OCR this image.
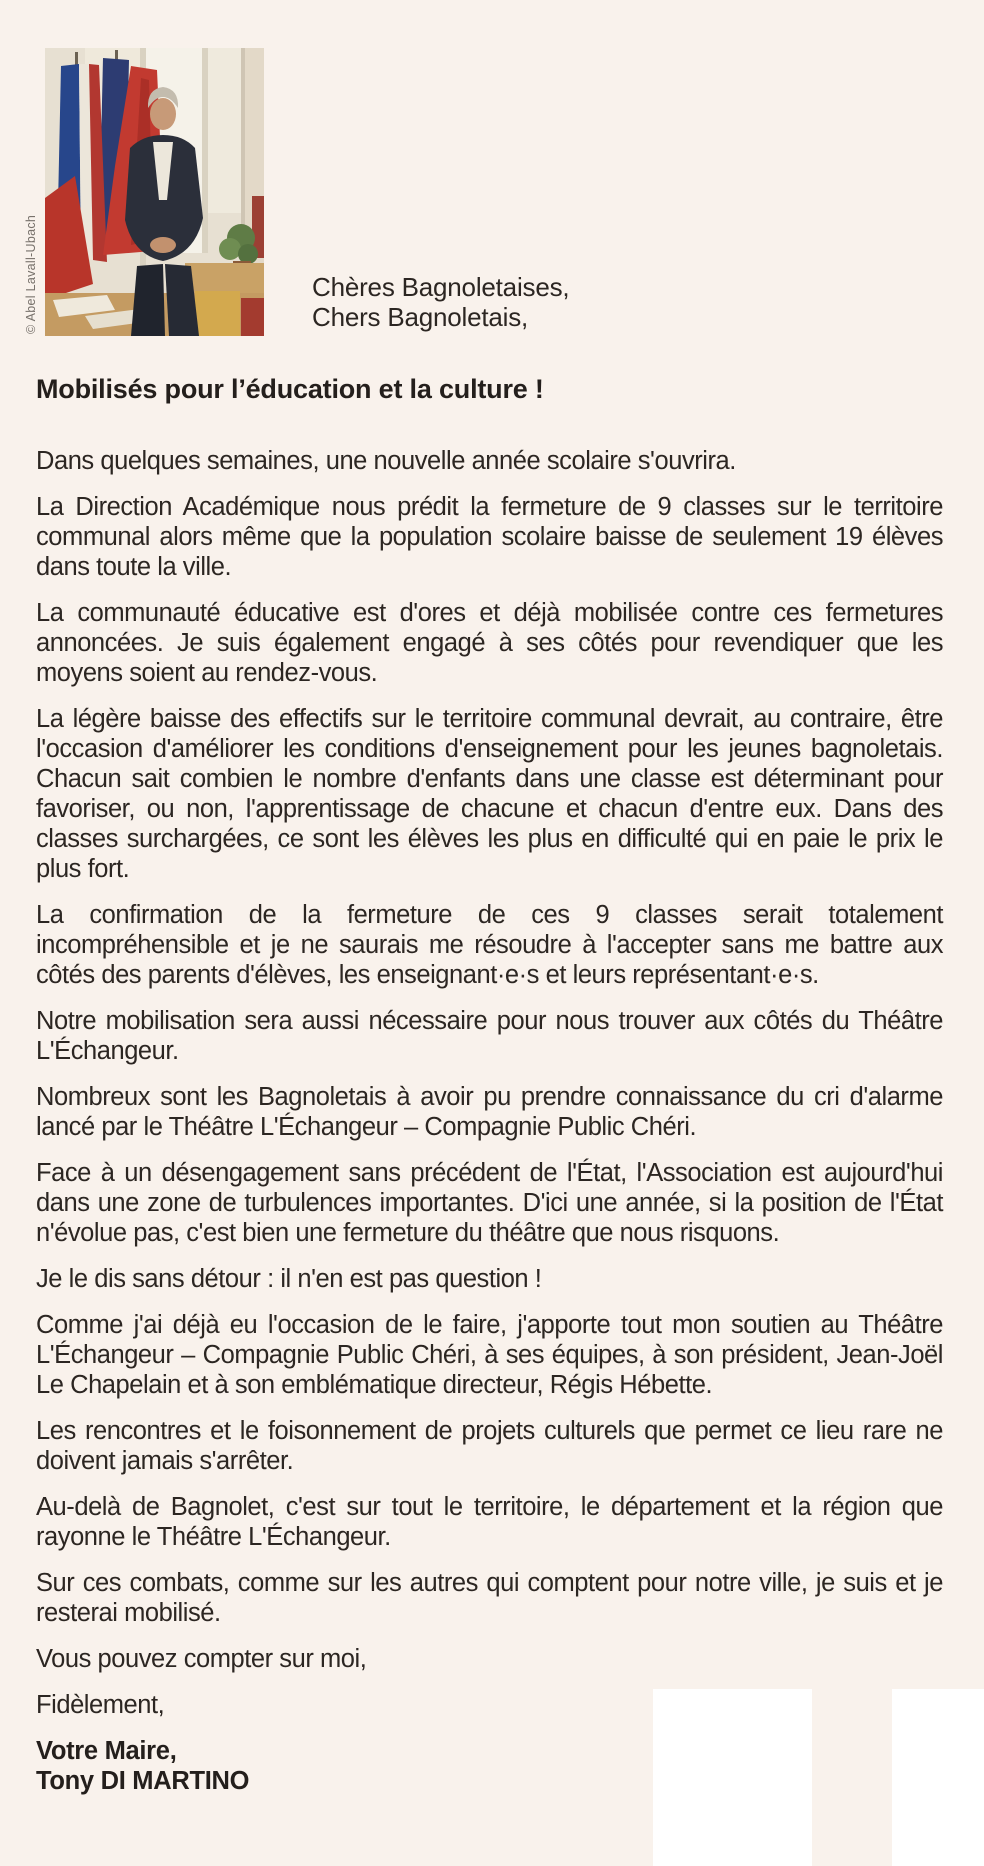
© Abel Lavall-Ubach	Chères Bagnoletaises,
Chers Bagnoletais,
Mobilisés pour l’éducation et la culture !

Dans quelques semaines, une nouvelle année scolaire s'ouvrira.

La Direction Académique nous prédit la fermeture de 9 classes sur le territoire communal alors même que la population scolaire baisse de seulement 19 élèves dans toute la ville.

La communauté éducative est d'ores et déjà mobilisée contre ces fermetures annoncées. Je suis également engagé à ses côtés pour revendiquer que les moyens soient au rendez-vous.

La légère baisse des effectifs sur le territoire communal devrait, au contraire, être l'occasion d'améliorer les conditions d'enseignement pour les jeunes bagnoletais. Chacun sait combien le nombre d'enfants dans une classe est déterminant pour favoriser, ou non, l'apprentissage de chacune et chacun d'entre eux. Dans des classes surchargées, ce sont les élèves les plus en difficulté qui en paie le prix le plus fort.

La confirmation de la fermeture de ces 9 classes serait totalement incompréhensible et je ne saurais me résoudre à l'accepter sans me battre aux côtés des parents d'élèves, les enseignant·e·s et leurs représentant·e·s.

Notre mobilisation sera aussi nécessaire pour nous trouver aux côtés du Théâtre L'Échangeur.

Nombreux sont les Bagnoletais à avoir pu prendre connaissance du cri d'alarme lancé par le Théâtre L'Échangeur – Compagnie Public Chéri.

Face à un désengagement sans précédent de l'État, l'Association est aujourd'hui dans une zone de turbulences importantes. D'ici une année, si la position de l'État n'évolue pas, c'est bien une fermeture du théâtre que nous risquons.

Je le dis sans détour : il n'en est pas question !

Comme j'ai déjà eu l'occasion de le faire, j'apporte tout mon soutien au Théâtre L'Échangeur – Compagnie Public Chéri, à ses équipes, à son président, Jean-Joël Le Chapelain et à son emblématique directeur, Régis Hébette.

Les rencontres et le foisonnement de projets culturels que permet ce lieu rare ne doivent jamais s'arrêter.

Au-delà de Bagnolet, c'est sur tout le territoire, le département et la région que rayonne le Théâtre L'Échangeur.

Sur ces combats, comme sur les autres qui comptent pour notre ville, je suis et je resterai mobilisé.

Vous pouvez compter sur moi,

Fidèlement,

Votre Maire,
Tony DI MARTINO
